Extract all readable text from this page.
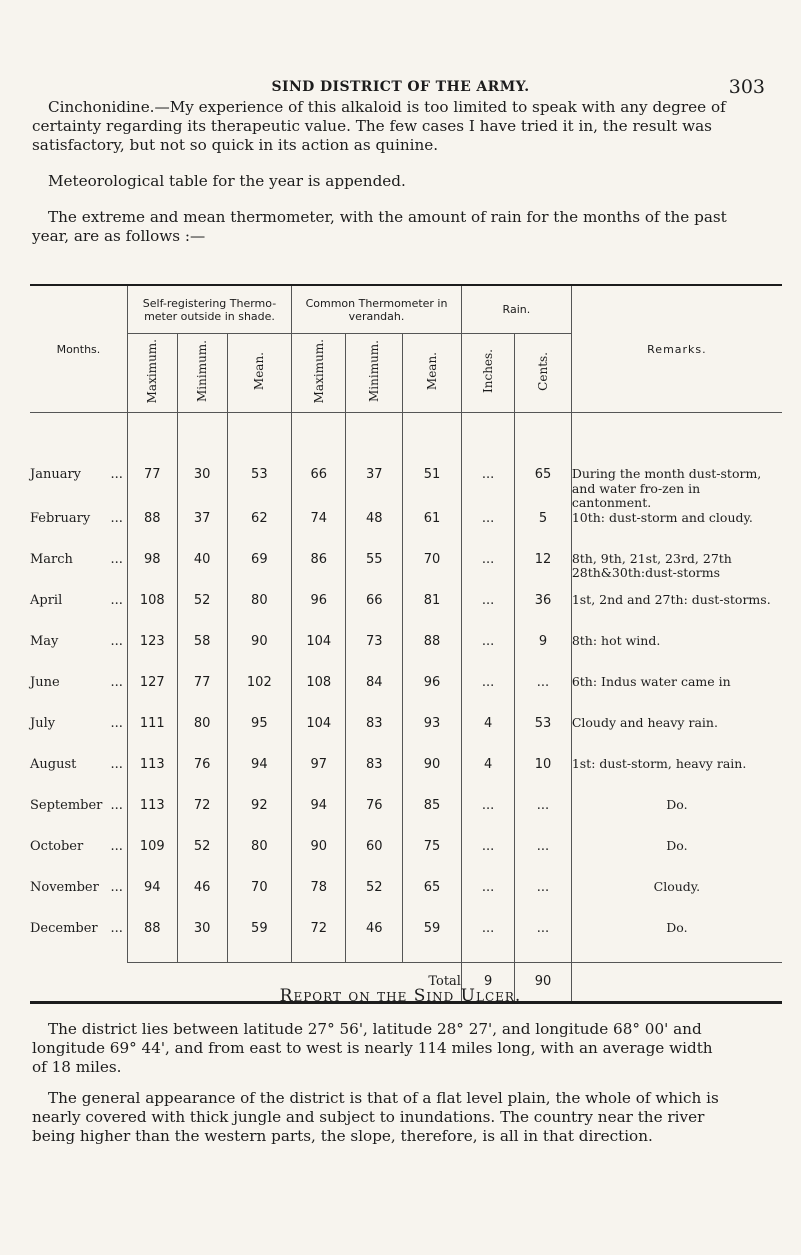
SIND DISTRICT OF THE ARMY.	303
Cinchonidine.—My experience of this alkaloid is too limited to speak with any degree of
certainty regarding its therapeutic value. The few cases I have tried it in, the result was
satisfactory, but not so quick in its action as quinine.
Meteorological table for the year is appended.
The extreme and mean thermometer, with the amount of rain for the months of the past
year, are as follows :—
Months.	Self-registering Thermo-meter outside in shade.			Common Thermometer in verandah.			Rain.		Remarks.
	Maximum.	Minimum.	Mean.	Maximum.	Minimum.	Mean.	Inches.	Cents.	

...
January	77	30	53	66	37	51	...	65	During the month dust-storm, and water fro-zen in cantonment.

...
February	88	37	62	74	48	61	...	5	10th: dust-storm and cloudy.

...
March	98	40	69	86	55	70	...	12	8th, 9th, 21st, 23rd, 27th 28th&30th:dust-storms

...
April	108	52	80	96	66	81	...	36	1st, 2nd and 27th: dust-storms.

...
May	123	58	90	104	73	88	...	9	8th: hot wind.

...
June	127	77	102	108	84	96	...	...	6th: Indus water came in

...
July	111	80	95	104	83	93	4	53	Cloudy and heavy rain.

...
August	113	76	94	97	83	90	4	10	1st: dust-storm, heavy rain.

...
September	113	72	92	94	76	85	...	...	Do.

...
October	109	52	80	90	60	75	...	...	Do.

...
November	94	46	70	78	52	65	...	...	Cloudy.

...
December	88	30	59	72	46	59	...	...	Do.
	Total						9	90	
Report on the Sind Ulcer.
The district lies between latitude 27° 56', latitude 28° 27', and longitude 68° 00' and
longitude 69° 44', and from east to west is nearly 114 miles long, with an average width
of 18 miles.
The general appearance of the district is that of a flat level plain, the whole of which is
nearly covered with thick jungle and subject to inundations. The country near the river
being higher than the western parts, the slope, therefore, is all in that direction.
